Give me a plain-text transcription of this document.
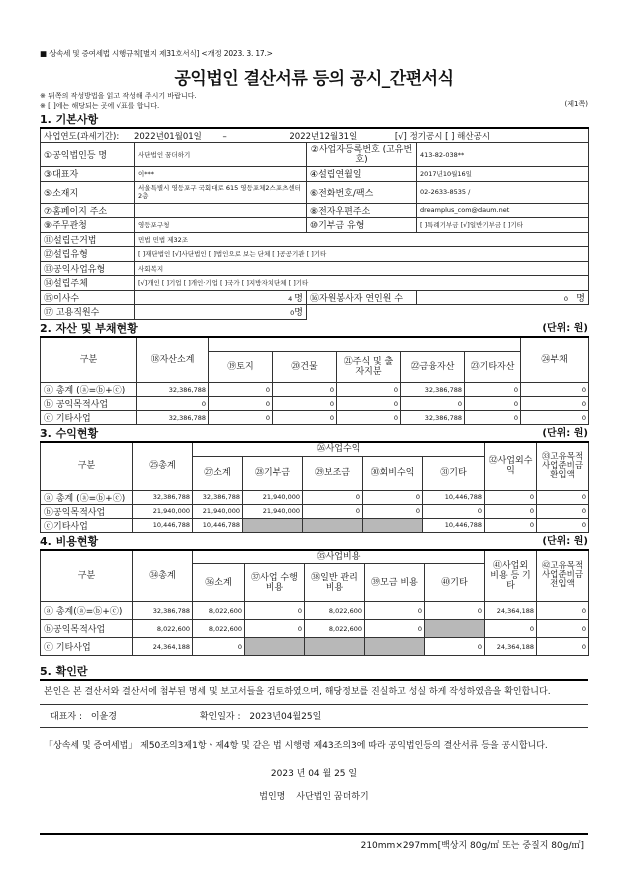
■ 상속세 및 증여세법 시행규칙[별지 제31호서식] <개정 2023. 3. 17.>
공익법인 결산서류 등의 공시_간편서식
※ 뒤쪽의 작성방법을 읽고 작성해 주시기 바랍니다.
※ [ ]에는 해당되는 곳에 √표를 합니다.	(제1쪽)
1. 기본사항
사업연도(과세기간): 2022년01월01일 – 2022년12월31일 [√] 정기공시 [ ] 해산공시			
①공익법인등 명	사단법인 꿈더하기	②사업자등록번호 (고유번호)	413-82-038**
③대표자	이***	④설립연월일	2017년10월16일
⑤소재지	서울특별시 영등포구 국회대로 615 영등포체2스포츠센터 2층	⑥전화번호/팩스	02-2633-8535 /
⑦홈페이지 주소		⑧전자우편주소	dreamplus_com@daum.net
⑨주무관청	영등포구청	⑩기부금 유형	[ ]특례기부금 [√]일반기부금 [ ]기타
⑪설립근거법	민법 민법 제32조		
⑫설립유형	[ ]재단법인 [√]사단법인 [ ]법인으로 보는 단체 [ ]공공기관 [ ]기타		
⑬공익사업유형	사회복지		
⑭설립주체	[√]개인 [ ]기업 [ ]개인·기업 [ ]국가 [ ]지방자치단체 [ ]기타		
⑮이사수	4 명	⑯자원봉사자 연인원 수	0 명
⑰ 고용직원수	0명		
2. 자산 및 부채현황	(단위: 원)
구분	⑱자산소계						㉔부채
		⑲토지	⑳건물	㉑주식 및 출자지분	㉒금융자산	㉓기타자산	
ⓐ 총계 (ⓐ=ⓑ+ⓒ)	32,386,788	0	0	0	32,386,788	0	0
ⓑ 공익목적사업	0	0	0	0	0	0	0
ⓒ 기타사업	32,386,788	0	0	0	32,386,788	0	0
3. 수익현황	(단위: 원)
구분	㉕총계	㉖사업수익					㉜사업외수익	㉝고유목적사업준비금환입액
		㉗소계	㉘기부금	㉙보조금	㉚회비수익	㉛기타		
ⓐ 총계 (ⓐ=ⓑ+ⓒ)	32,386,788	32,386,788	21,940,000	0	0	10,446,788	0	0
ⓑ공익목적사업	21,940,000	21,940,000	21,940,000	0	0	0	0	0
ⓒ기타사업	10,446,788	10,446,788				10,446,788	0	0
4. 비용현황	(단위: 원)
구분	㉞총계	㉟사업비용					㊶사업외 비용 등 기타	㊷고유목적 사업준비금 전입액
		㊱소계	㊲사업 수행비용	㊳일반 관리비용	㊴모금 비용	㊵기타		
ⓐ 총계(ⓐ=ⓑ+ⓒ)	32,386,788	8,022,600	0	8,022,600	0	0	24,364,188	0
ⓑ공익목적사업	8,022,600	8,022,600	0	8,022,600	0		0	0
ⓒ 기타사업	24,364,188	0				0	24,364,188	0
5. 확인란
본인은 본 결산서와 결산서에 첨부된 명세 및 보고서들을 검토하였으며, 해당정보를 진실하고 성실 하게 작성하였음을 확인합니다.
대표자 : 이윤경	확인일자 : 2023년04월25일
「상속세 및 증여세법」 제50조의3제1항ㆍ제4항 및 같은 법 시행령 제43조의3에 따라 공익법인등의 결산서류 등을 공시합니다.
2023 년 04 월 25 일
법인명 사단법인 꿈더하기
210mm×297mm[백상지 80g/㎡ 또는 중질지 80g/㎡]
